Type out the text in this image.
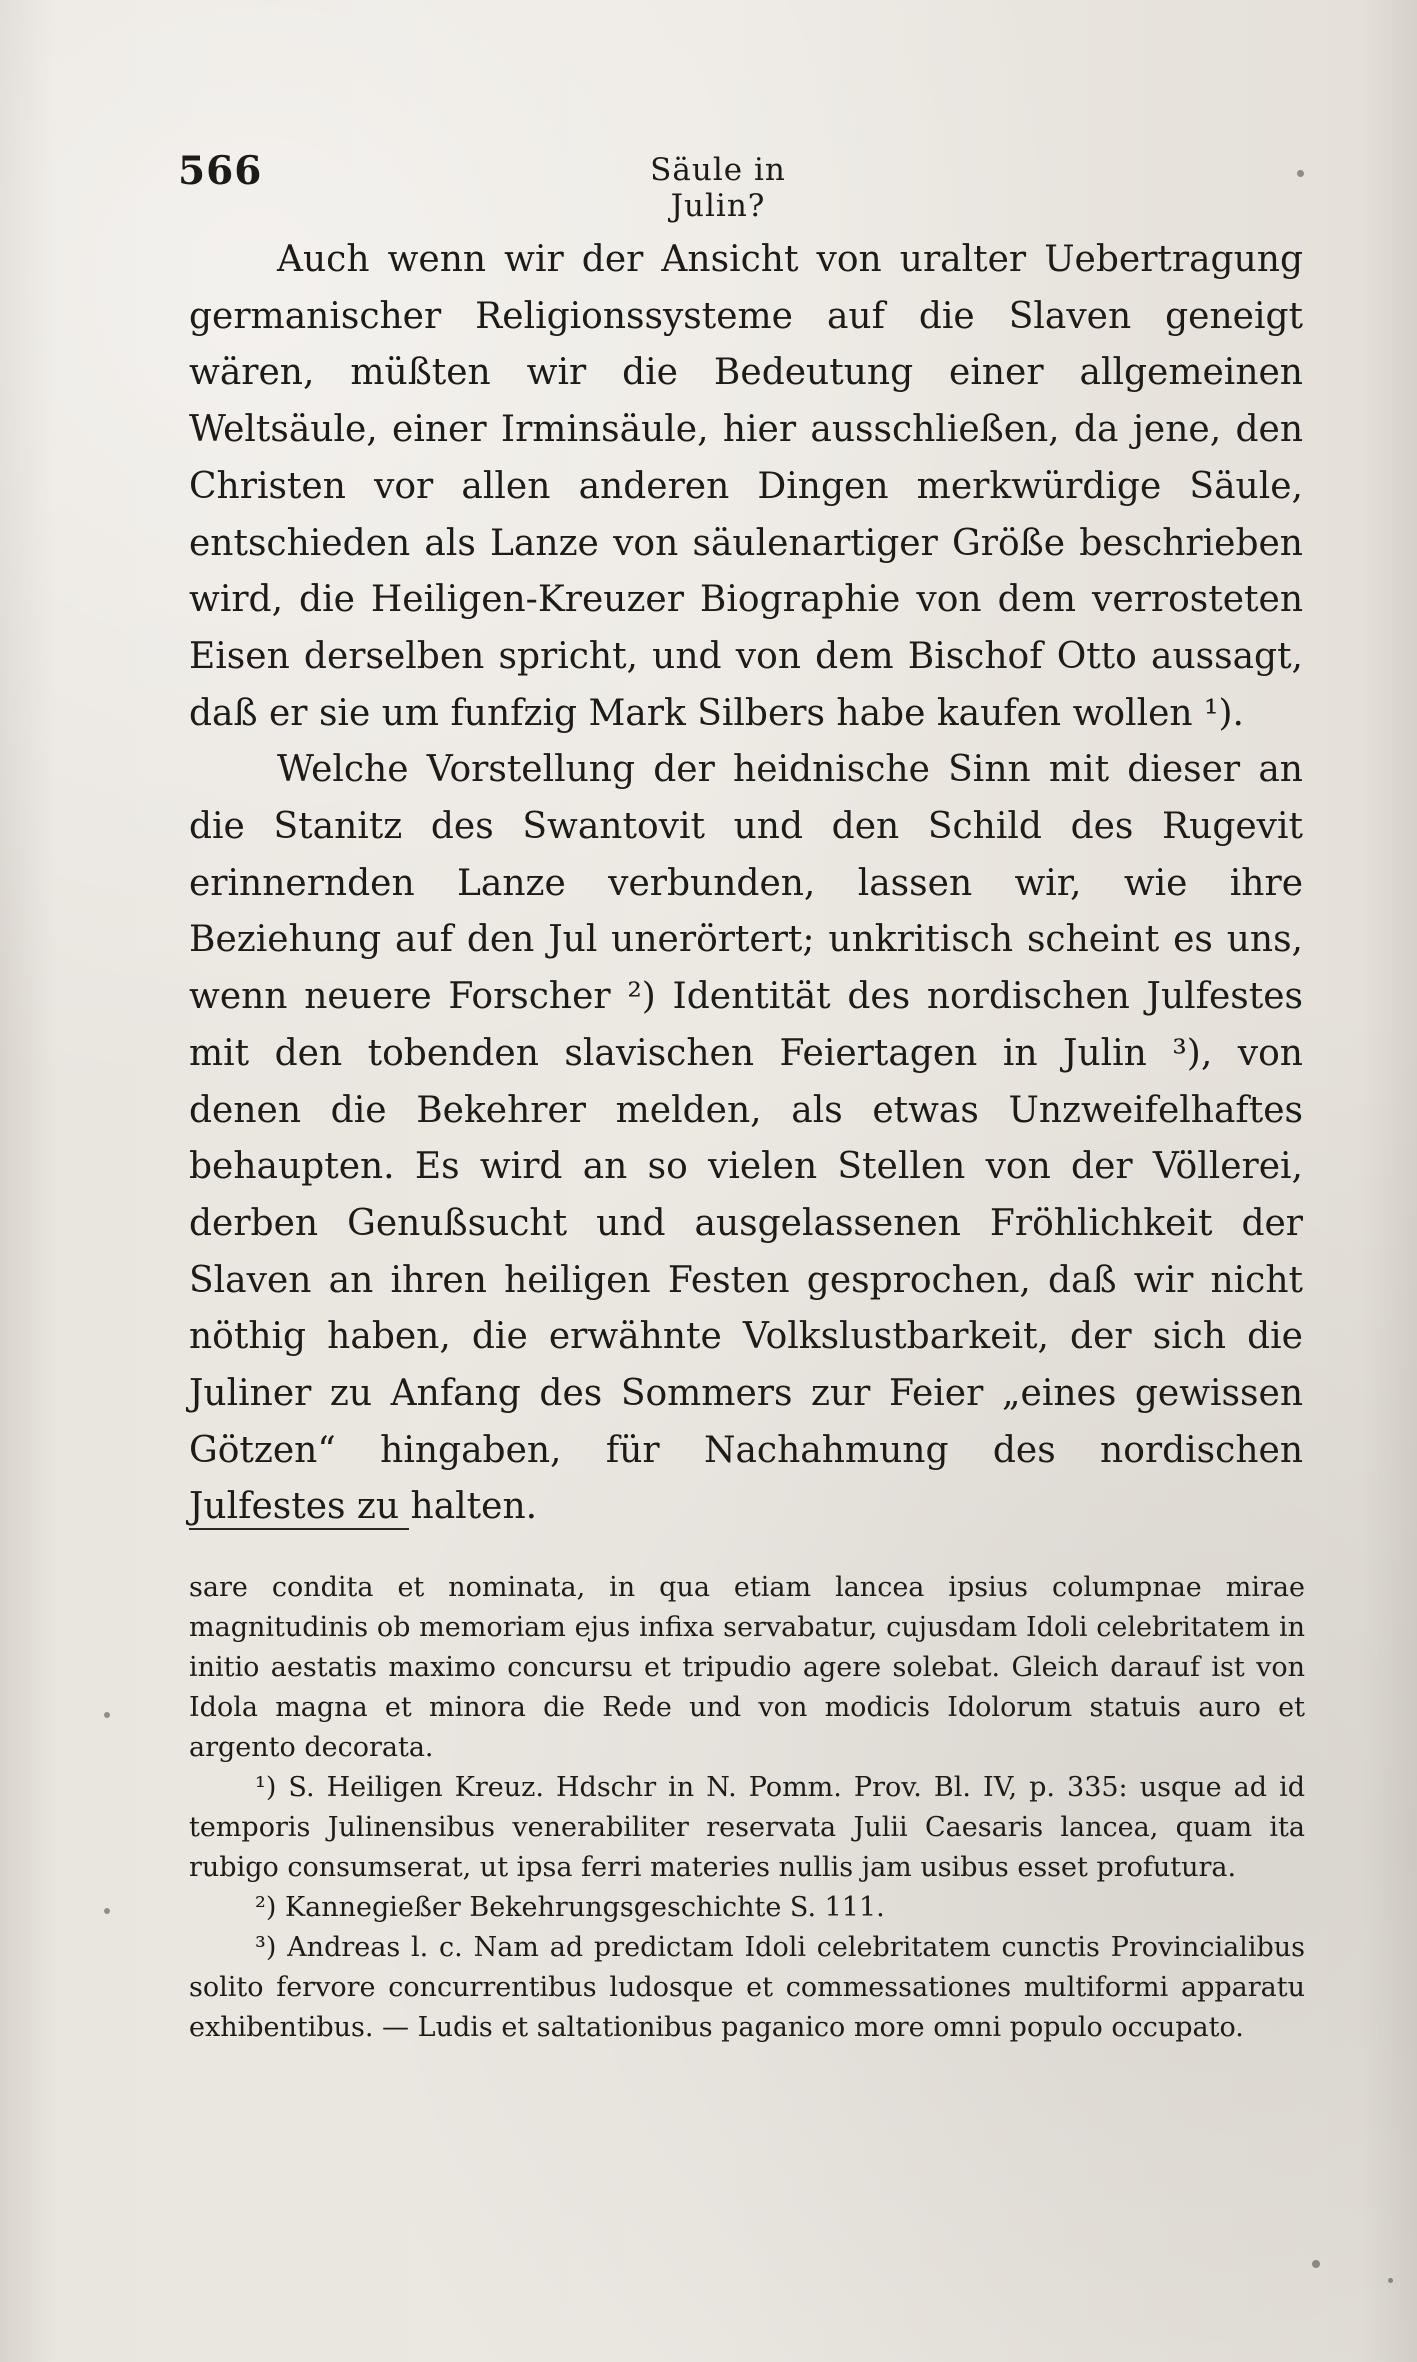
566	Säule in Julin?

Auch wenn wir der Ansicht von uralter Uebertragung germanischer Religionssysteme auf die Slaven geneigt wären, müßten wir die Bedeutung einer allgemeinen Weltsäule, einer Irminsäule, hier ausschließen, da jene, den Christen vor allen anderen Dingen merkwürdige Säule, entschieden als Lanze von säulenartiger Größe beschrieben wird, die Heiligen-Kreuzer Biographie von dem verrosteten Eisen derselben spricht, und von dem Bischof Otto aussagt, daß er sie um funfzig Mark Silbers habe kaufen wollen ¹).

Welche Vorstellung der heidnische Sinn mit dieser an die Stanitz des Swantovit und den Schild des Rugevit erinnernden Lanze verbunden, lassen wir, wie ihre Beziehung auf den Jul unerörtert; unkritisch scheint es uns, wenn neuere Forscher ²) Identität des nordischen Julfestes mit den tobenden slavischen Feiertagen in Julin ³), von denen die Bekehrer melden, als etwas Unzweifelhaftes behaupten. Es wird an so vielen Stellen von der Völlerei, derben Genußsucht und ausgelassenen Fröhlichkeit der Slaven an ihren heiligen Festen gesprochen, daß wir nicht nöthig haben, die erwähnte Volkslustbarkeit, der sich die Juliner zu Anfang des Sommers zur Feier „eines gewissen Götzen“ hingaben, für Nachahmung des nordischen Julfestes zu halten.

sare condita et nominata, in qua etiam lancea ipsius columpnae mirae magnitudinis ob memoriam ejus infixa servabatur, cujusdam Idoli celebritatem in initio aestatis maximo concursu et tripudio agere solebat. Gleich darauf ist von Idola magna et minora die Rede und von modicis Idolorum statuis auro et argento decorata.

¹) S. Heiligen Kreuz. Hdschr in N. Pomm. Prov. Bl. IV, p. 335: usque ad id temporis Julinensibus venerabiliter reservata Julii Caesaris lancea, quam ita rubigo consumserat, ut ipsa ferri materies nullis jam usibus esset profutura.

²) Kannegießer Bekehrungsgeschichte S. 111.

³) Andreas l. c. Nam ad predictam Idoli celebritatem cunctis Provincialibus solito fervore concurrentibus ludosque et commessationes multiformi apparatu exhibentibus. — Ludis et saltationibus paganico more omni populo occupato.
